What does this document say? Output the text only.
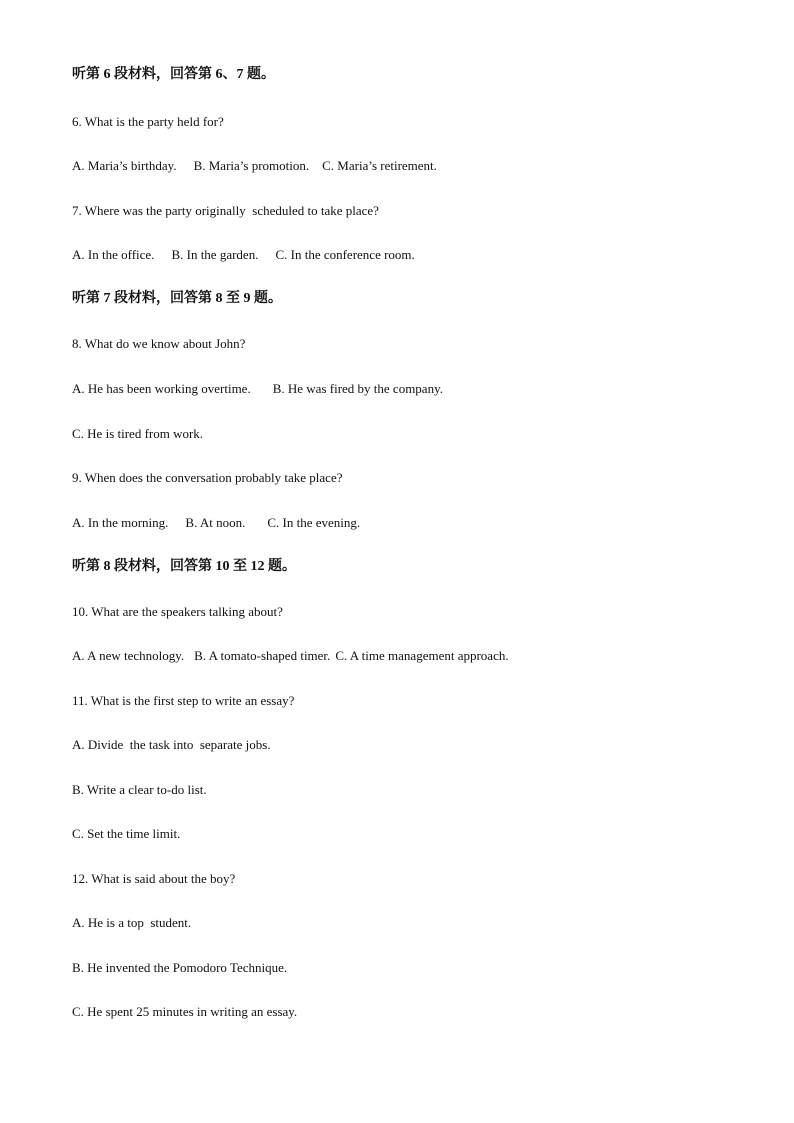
听第 6 段材料，回答第 6、7 题。
6. What is the party held for?
A. Maria’s birthday. B. Maria’s promotion. C. Maria’s retirement.
7. Where was the party originally  scheduled to take place?
A. In the office. B. In the garden. C. In the conference room.
听第 7 段材料，回答第 8 至 9 题。
8. What do we know about John?
A. He has been working overtime. B. He was fired by the company.
C. He is tired from work.
9. When does the conversation probably take place?
A. In the morning. B. At noon. C. In the evening.
听第 8 段材料，回答第 10 至 12 题。
10. What are the speakers talking about?
A. A new technology. B. A tomato-shaped timer. C. A time management approach.
11. What is the first step to write an essay?
A. Divide  the task into  separate jobs.
B. Write a clear to-do list.
C. Set the time limit.
12. What is said about the boy?
A. He is a top  student.
B. He invented the Pomodoro Technique.
C. He spent 25 minutes in writing an essay.
